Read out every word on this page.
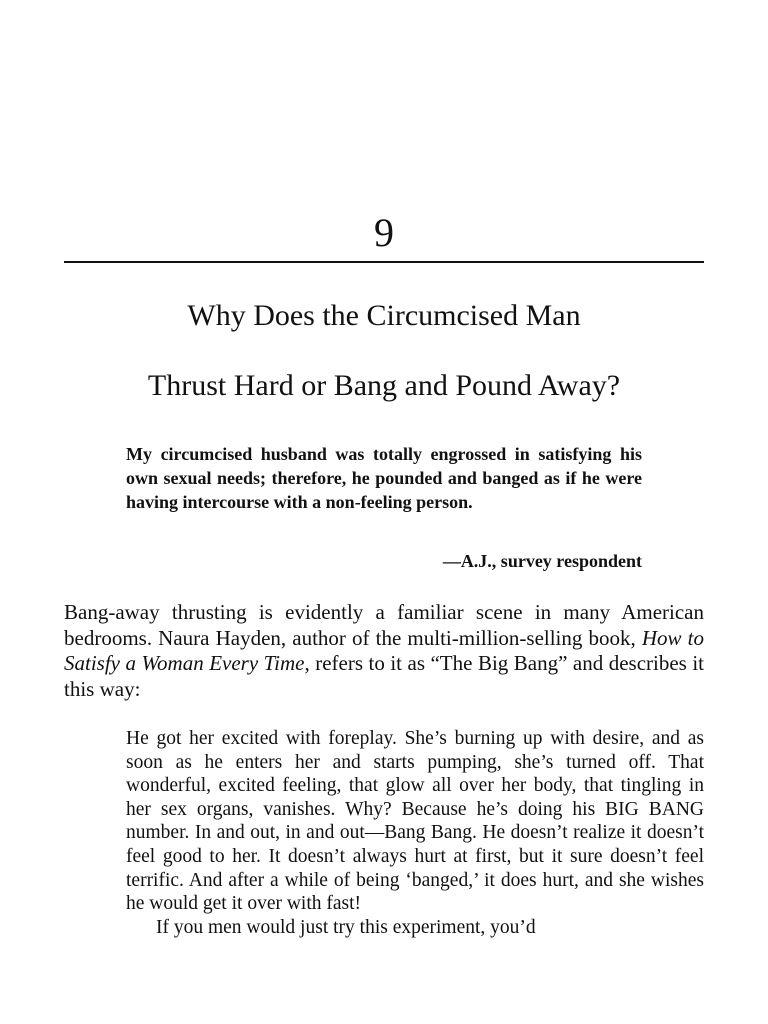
9
Why Does the Circumcised Man
Thrust Hard or Bang and Pound Away?
My circumcised husband was totally engrossed in satisfying his own sexual needs; therefore, he pounded and banged as if he were having intercourse with a non-feeling person.
—A.J., survey respondent
Bang-away thrusting is evidently a familiar scene in many American bedrooms. Naura Hayden, author of the multi-million-selling book, How to Satisfy a Woman Every Time, refers to it as “The Big Bang” and describes it this way:

He got her excited with foreplay. She’s burning up with desire, and as soon as he enters her and starts pumping, she’s turned off. That wonderful, excited feeling, that glow all over her body, that tingling in her sex organs, vanishes. Why? Because he’s doing his BIG BANG number. In and out, in and out—Bang Bang. He doesn’t realize it doesn’t feel good to her. It doesn’t always hurt at first, but it sure doesn’t feel terrific. And after a while of being ‘banged,’ it does hurt, and she wishes he would get it over with fast!

If you men would just try this experiment, you’d
